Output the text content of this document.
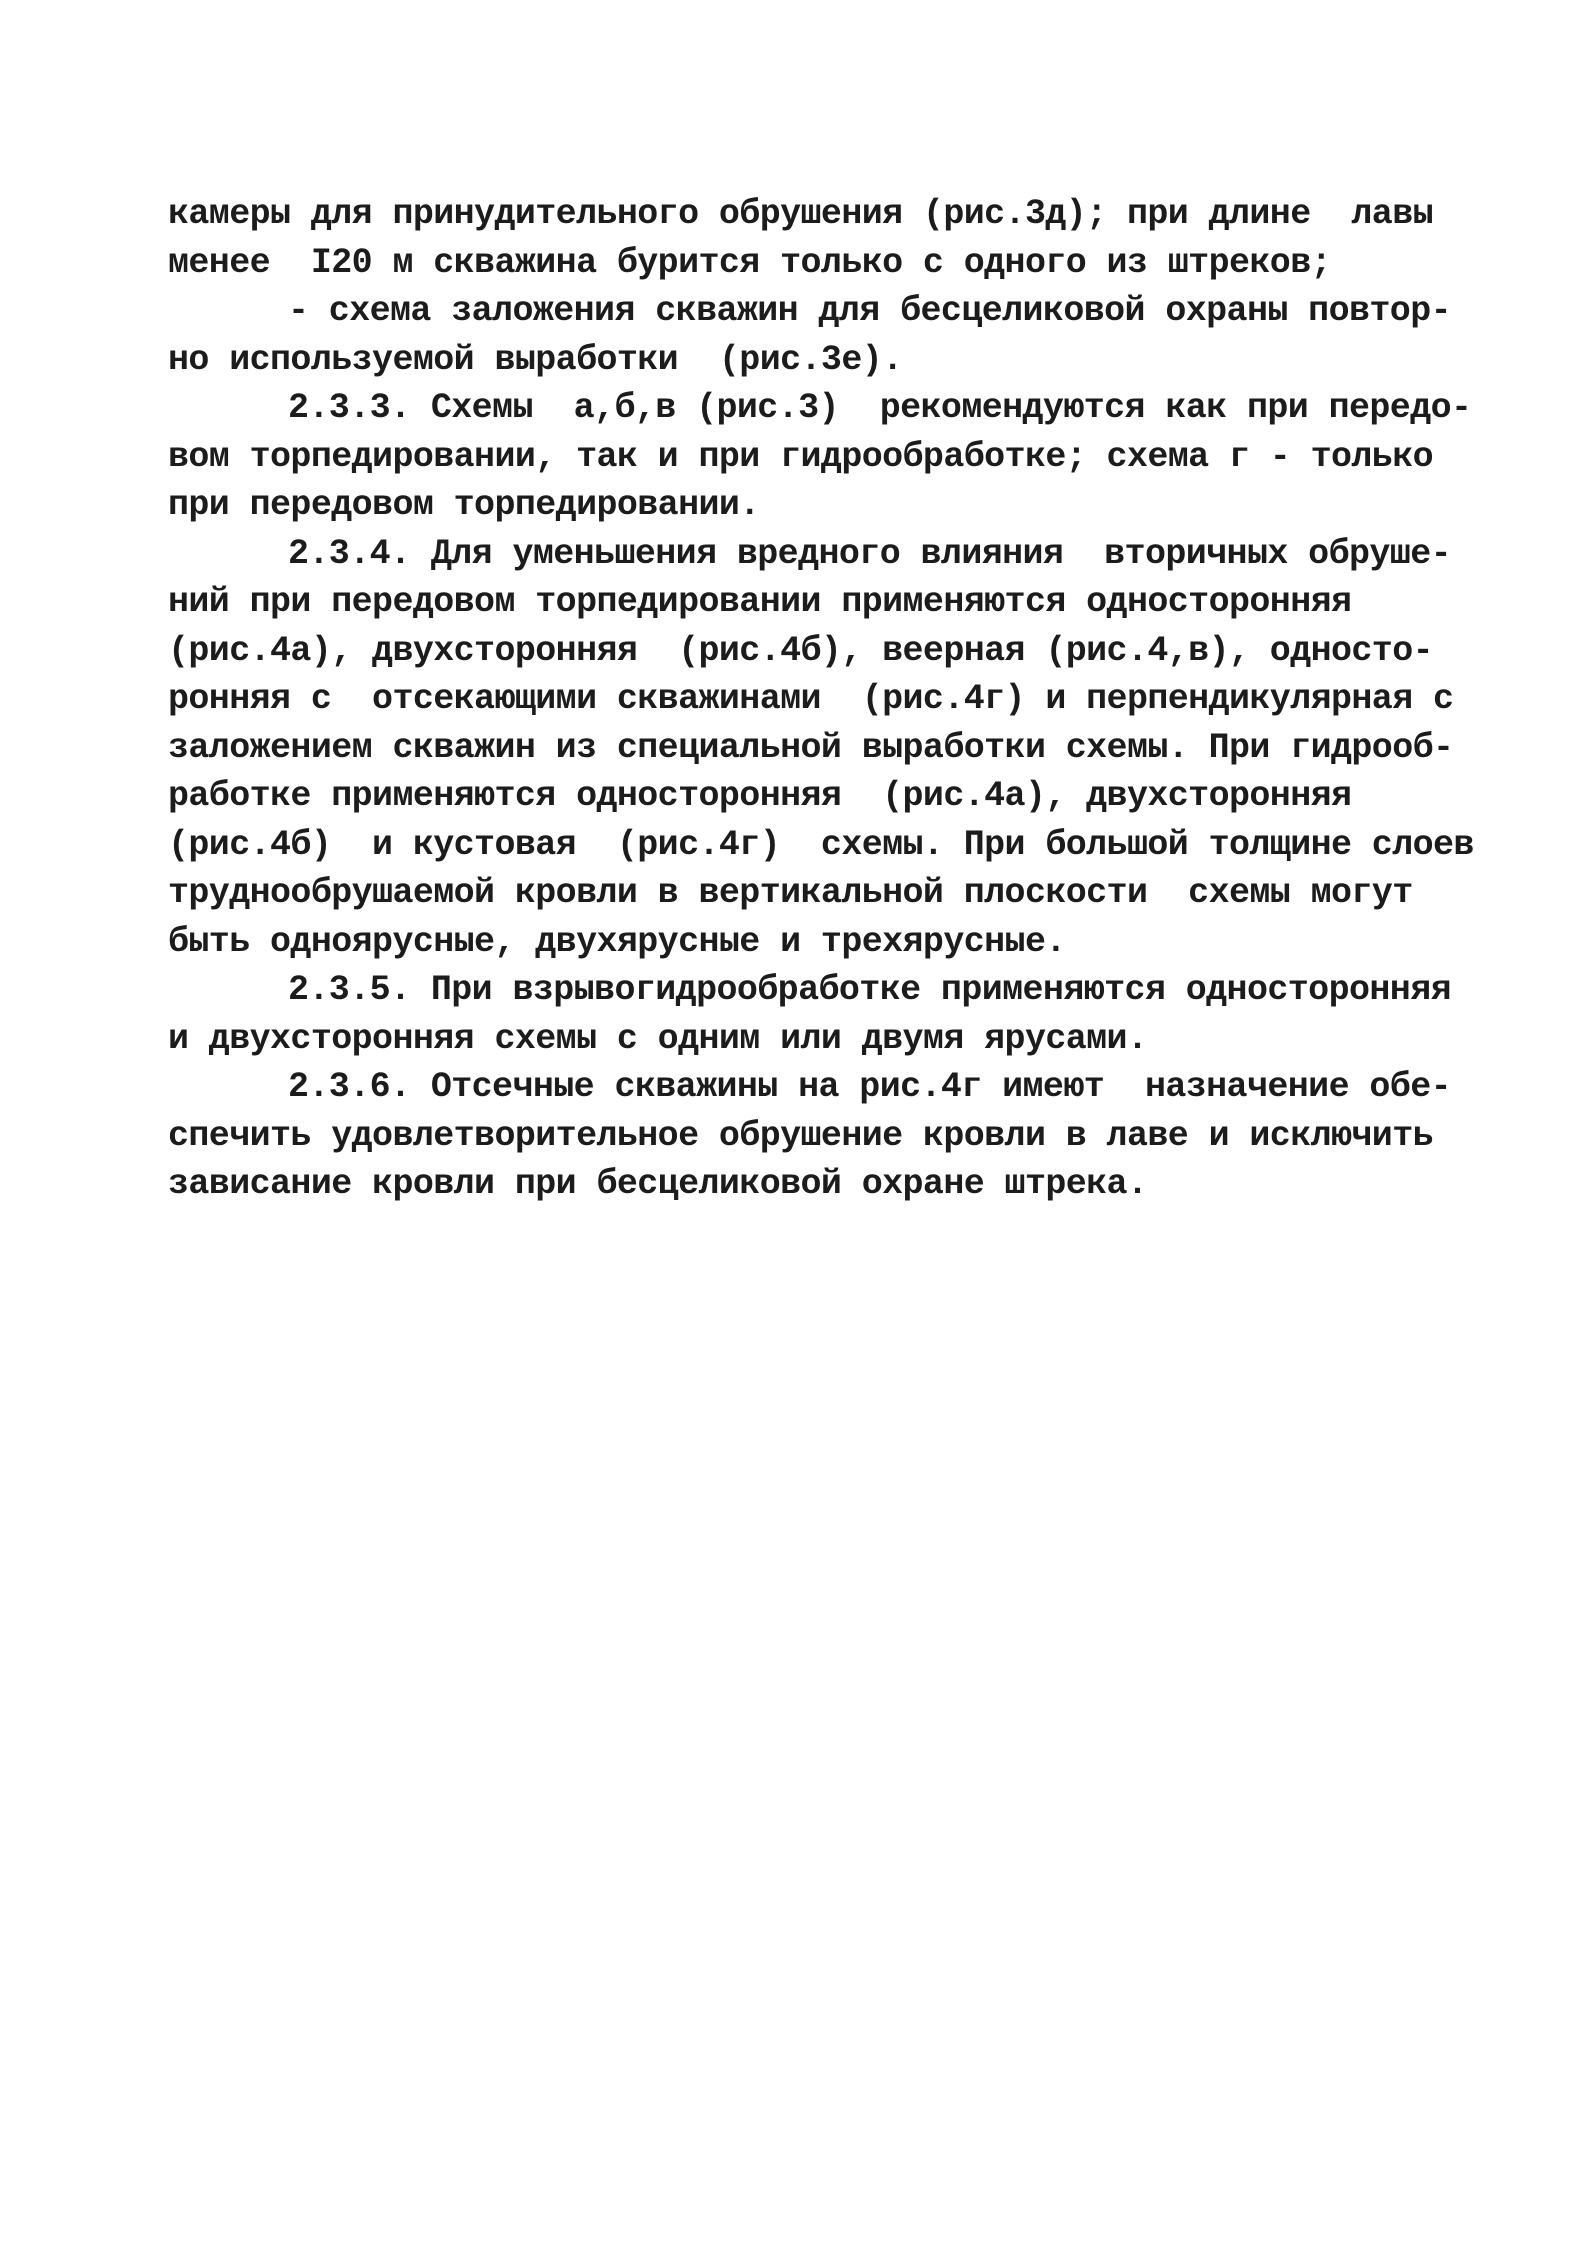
камеры для принудительного обрушения (рис.3д); при длине  лавы
менее  I20 м скважина бурится только с одного из штреков;
- схема заложения скважин для бесцеликовой охраны повтор-
но используемой выработки  (рис.3е).
2.3.3. Схемы  а,б,в (рис.3)  рекомендуются как при передо-
вом торпедировании, так и при гидрообработке; схема г - только
при передовом торпедировании.
2.3.4. Для уменьшения вредного влияния  вторичных обруше-
ний при передовом торпедировании применяются односторонняя
(рис.4а), двухсторонняя  (рис.4б), веерная (рис.4,в), односто-
ронняя с  отсекающими скважинами  (рис.4г) и перпендикулярная с
заложением скважин из специальной выработки схемы. При гидрооб-
работке применяются односторонняя  (рис.4а), двухсторонняя
(рис.4б)  и кустовая  (рис.4г)  схемы. При большой толщине слоев
труднообрушаемой кровли в вертикальной плоскости  схемы могут
быть одноярусные, двухярусные и трехярусные.
2.3.5. При взрывогидрообработке применяются односторонняя
и двухсторонняя схемы с одним или двумя ярусами.
2.3.6. Отсечные скважины на рис.4г имеют  назначение обе-
спечить удовлетворительное обрушение кровли в лаве и исключить
зависание кровли при бесцеликовой охране штрека.
